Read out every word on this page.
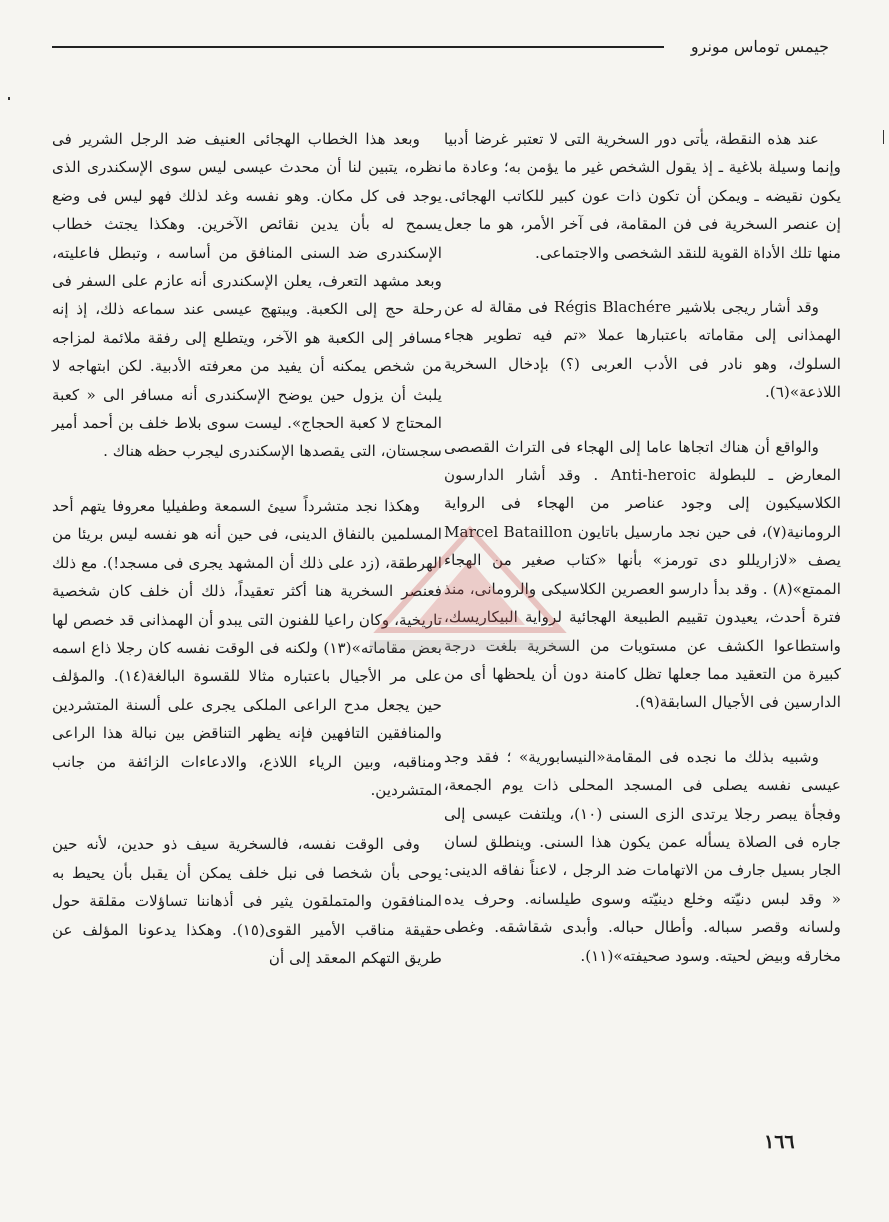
جيمس توماس مونرو

عند هذه النقطة، يأتى دور السخرية التى لا تعتبر غرضا أدبيا وإنما وسيلة بلاغية ـ إذ يقول الشخص غير ما يؤمن به؛ وعادة ما يكون نقيضه ـ ويمكن أن تكون ذات عون كبير للكاتب الهجائى. إن عنصر السخرية فى فن المقامة، فى آخر الأمر، هو ما جعل منها تلك الأداة القوية للنقد الشخصى والاجتماعى.

وقد أشار ريجى بلاشير Régis Blachére فى مقالة له عن الهمذانى إلى مقاماته باعتبارها عملا «تم فيه تطوير هجاء السلوك، وهو نادر فى الأدب العربى (؟) بإدخال السخرية اللاذعة»(٦).

والواقع أن هناك اتجاها عاما إلى الهجاء فى التراث القصصى المعارض ـ للبطولة Anti-heroic . وقد أشار الدارسون الكلاسيكيون إلى وجود عناصر من الهجاء فى الرواية الرومانية(٧)، فى حين نجد مارسيل باتايون Marcel Bataillon يصف «لازاريللو دى تورمز» بأنها «كتاب صغير من الهجاء الممتع»(٨) . وقد بدأ دارسو العصرين الكلاسيكى والرومانى، منذ فترة أحدث، يعيدون تقييم الطبيعة الهجائية لرواية البيكاريسك، واستطاعوا الكشف عن مستويات من السخرية بلغت درجة كبيرة من التعقيد مما جعلها تظل كامنة دون أن يلحظها أى من الدارسين فى الأجيال السابقة(٩).

وشبيه بذلك ما نجده فى المقامة«النيسابورية» ؛ فقد وجد عيسى نفسه يصلى فى المسجد المحلى ذات يوم الجمعة، وفجأة يبصر رجلا يرتدى الزى السنى (١٠)، ويلتفت عيسى إلى جاره فى الصلاة يسأله عمن يكون هذا السنى. وينطلق لسان الجار بسيل جارف من الاتهامات ضد الرجل ، لاعناً نفاقه الدينى: « وقد لبس دنيّته وخلع دينيّته وسوى طيلسانه. وحرف يده ولسانه وقصر سباله. وأطال حباله. وأبدى شقاشقه. وغطى مخارقه وبيض لحيته. وسود صحيفته»(١١).

وبعد هذا الخطاب الهجائى العنيف ضد الرجل الشرير فى نظره، يتبين لنا أن محدث عيسى ليس سوى الإسكندرى الذى يوجد فى كل مكان. وهو نفسه وغد لذلك فهو ليس فى وضع يسمح له بأن يدين نقائص الآخرين. وهكذا يجتث خطاب الإسكندرى ضد السنى المنافق من أساسه ، وتبطل فاعليته، وبعد مشهد التعرف، يعلن الإسكندرى أنه عازم على السفر فى رحلة حج إلى الكعبة. ويبتهج عيسى عند سماعه ذلك، إذ إنه مسافر إلى الكعبة هو الآخر، ويتطلع إلى رفقة ملائمة لمزاجه من شخص يمكنه أن يفيد من معرفته الأدبية. لكن ابتهاجه لا يلبث أن يزول حين يوضح الإسكندرى أنه مسافر الى « كعبة المحتاج لا كعبة الحجاج». ليست سوى بلاط خلف بن أحمد أمير سجستان، التى يقصدها الإسكندرى ليجرب حظه هناك .

وهكذا نجد متشرداً سيئ السمعة وطفيليا معروفا يتهم أحد المسلمين بالنفاق الدينى، فى حين أنه هو نفسه ليس بريئا من الهرطقة، (زد على ذلك أن المشهد يجرى فى مسجد!). مع ذلك فعنصر السخرية هنا أكثر تعقيداً، ذلك أن خلف كان شخصية تاريخية، وكان راعيا للفنون التى يبدو أن الهمذانى قد خصص لها بعض مقاماته»(١٣) ولكنه فى الوقت نفسه كان رجلا ذاع اسمه على مر الأجيال باعتباره مثالا للقسوة البالغة(١٤). والمؤلف حين يجعل مدح الراعى الملكى يجرى على ألسنة المتشردين والمنافقين التافهين فإنه يظهر التناقض بين نبالة هذا الراعى ومناقبه، وبين الرياء اللاذع، والادعاءات الزائفة من جانب المتشردين.

وفى الوقت نفسه، فالسخرية سيف ذو حدين، لأنه حين يوحى بأن شخصا فى نبل خلف يمكن أن يقبل بأن يحيط به المنافقون والمتملقون يثير فى أذهاننا تساؤلات مقلقة حول حقيقة مناقب الأمير القوى(١٥). وهكذا يدعونا المؤلف عن طريق التهكم المعقد إلى أن

١٦٦
